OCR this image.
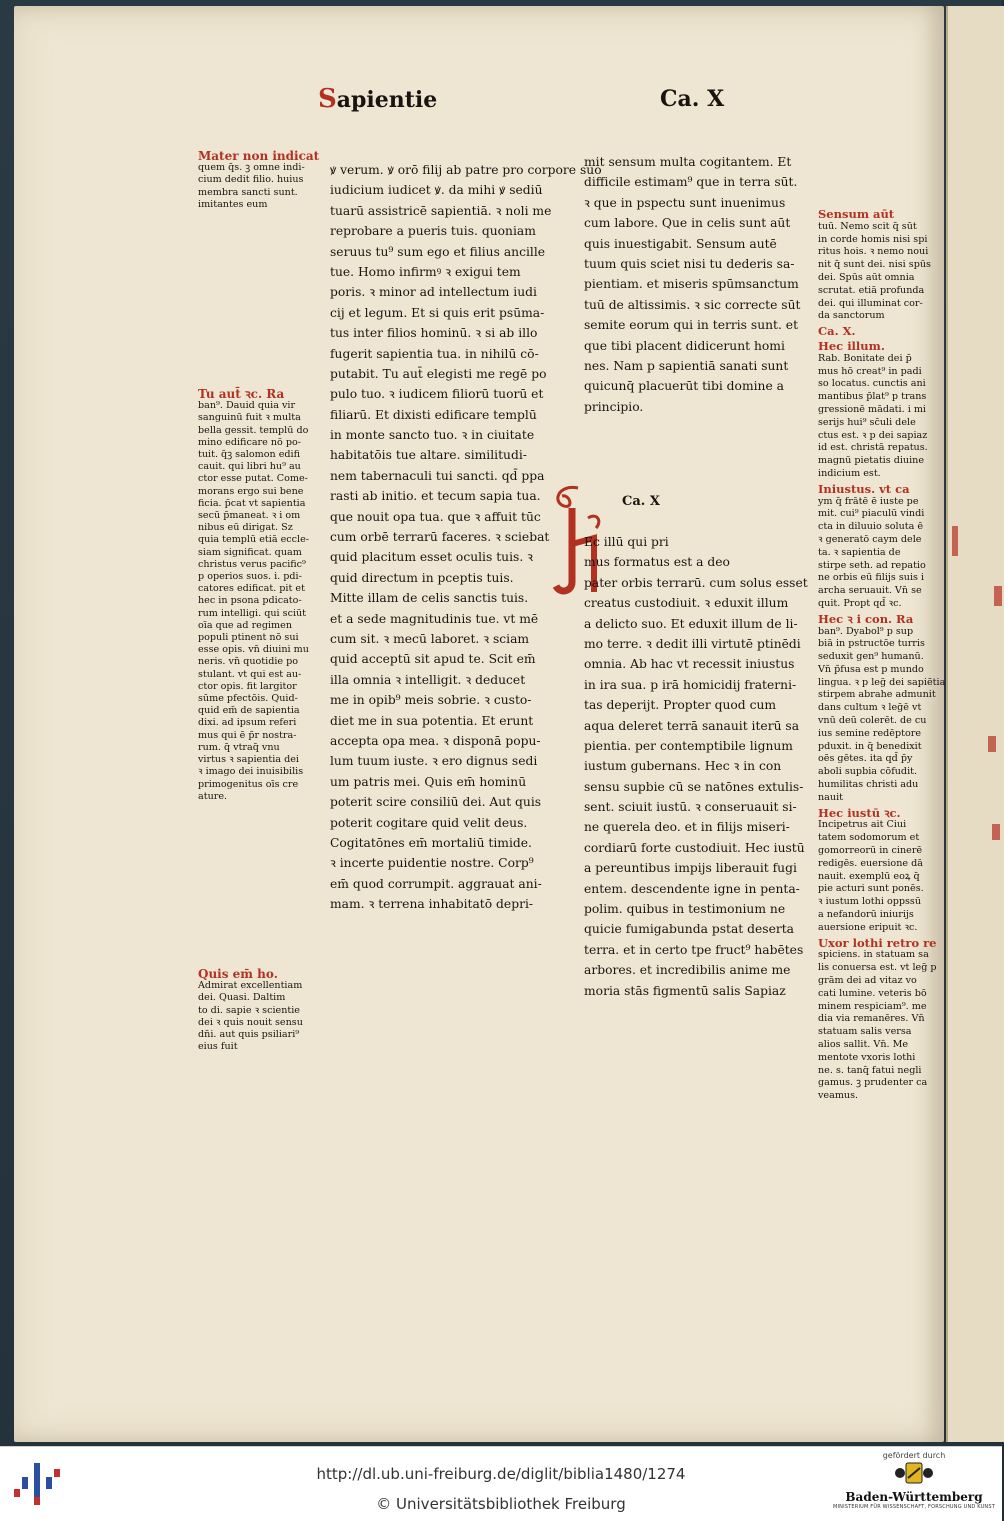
Sapientie	Ca. X
Mater non indicat
quem q̄s. ꝫ omne indi-
cium dedit filio. huius
membra sancti sunt.
imitantes eum
Tu aut̄ ꝛc. Ra
ban⁹. Dauid quia vir
sanguinū fuit ꝛ multa
bella gessit. templū do
mino edificare nō po-
tuit. q̄ꝫ salomon edifi
cauit. qui libri hu⁹ au
ctor esse putat. Come-
morans ergo sui bene
ficia. p̄cat vt sapientia
secū p̄maneat. ꝛ i om
nibus eū dirigat. Sz
quia templū etiā eccle-
siam significat. quam
christus verus pacific⁹
p operios suos. i. pdi-
catores edificat. pit et
hec in psona pdicato-
rum intelligi. qui sciūt
oīa que ad regimen
populi ptinent nō sui
esse opis. vn̄ diuini mu
neris. vn̄ quotidie po
stulant. vt qui est au-
ctor opis. fit largitor
sūme pfectōis. Quid-
quid em̄ de sapientia
dixi. ad ipsum referi
mus qui ē p̄r nostra-
rum. q̄ vtraq̄ vnu
virtus ꝛ sapientia dei
ꝛ imago dei inuisibilis
primogenitus oīs cre
ature.
Quis em̄ ho.
Admirat excellentiam
dei. Quasi. Daltim
to di. sapie ꝛ scientie
dei ꝛ quis nouit sensu
dn̄i. aut quis psiliari⁹
eius fuit
ꝟ verum. ꝟ orō filij ab patre pro corpore suo
iudicium iudicet ꝟ. da mihi ꝟ sediū
tuarū assistricē sapientiā. ꝛ noli me
reprobare a pueris tuis. quoniam
seruus tu⁹ sum ego et filius ancille
tue. Homo infirmꝰ ꝛ exigui tem
poris. ꝛ minor ad intellectum iudi
cij et legum. Et si quis erit psūma-
tus inter filios hominū. ꝛ si ab illo
fugerit sapientia tua. in nihilū cō-
putabit. Tu aut̄ elegisti me regē po
pulo tuo. ꝛ iudicem filiorū tuorū et
filiarū. Et dixisti edificare templū
in monte sancto tuo. ꝛ in ciuitate
habitatōis tue altare. similitudi-
nem tabernaculi tui sancti. qd̄ ppa
rasti ab initio. et tecum sapia tua.
que nouit opa tua. que ꝛ affuit tūc
cum orbē terrarū faceres. ꝛ sciebat
quid placitum esset oculis tuis. ꝛ
quid directum in pceptis tuis.
Mitte illam de celis sanctis tuis.
et a sede magnitudinis tue. vt mē
cum sit. ꝛ mecū laboret. ꝛ sciam
quid acceptū sit apud te. Scit em̄
illa omnia ꝛ intelligit. ꝛ deducet
me in opib⁹ meis sobrie. ꝛ custo-
diet me in sua potentia. Et erunt
accepta opa mea. ꝛ disponā popu-
lum tuum iuste. ꝛ ero dignus sedi
um patris mei. Quis em̄ hominū
poterit scire consiliū dei. Aut quis
poterit cogitare quid velit deus.
Cogitatōnes em̄ mortaliū timide.
ꝛ incerte puidentie nostre. Corp⁹
em̄ quod corrumpit. aggrauat ani-
mam. ꝛ terrena inhabitatō depri-
mit sensum multa cogitantem. Et
difficile estimam⁹ que in terra sūt.
ꝛ que in pspectu sunt inuenimus
cum labore. Que in celis sunt aūt
quis inuestigabit. Sensum autē
tuum quis sciet nisi tu dederis sa-
pientiam. et miseris spūmsanctum
tuū de altissimis. ꝛ sic correcte sūt
semite eorum qui in terris sunt. et
que tibi placent didicerunt homi
nes. Nam p sapientiā sanati sunt
quicunq̄ placuerūt tibi domine a
principio.
Ca. X
Ec illū qui pri
mus formatus est a deo
pater orbis terrarū. cum solus esset
creatus custodiuit. ꝛ eduxit illum
a delicto suo. Et eduxit illum de li-
mo terre. ꝛ dedit illi virtutē ptinēdi
omnia. Ab hac vt recessit iniustus
in ira sua. p irā homicidij fraterni-
tas deperijt. Propter quod cum
aqua deleret terrā sanauit iterū sa
pientia. per contemptibile lignum
iustum gubernans. Hec ꝛ in con
sensu supbie cū se natōnes extulis-
sent. sciuit iustū. ꝛ conseruauit si-
ne querela deo. et in filijs miseri-
cordiarū forte custodiuit. Hec iustū
a pereuntibus impijs liberauit fugi
entem. descendente igne in penta-
polim. quibus in testimonium ne
quicie fumigabunda pstat deserta
terra. et in certo tpe fruct⁹ habētes
arbores. et incredibilis anime me
moria stās figmentū salis Sapiaz
Sensum aūt
tuū. Nemo scit q̄ sūt
in corde homis nisi spi
ritus hois. ꝛ nemo noui
nit q̄ sunt dei. nisi spūs
dei. Spūs aūt omnia
scrutat. etiā profunda
dei. qui illuminat cor-
da sanctorum
Ca. X.
Hec illum.
Rab. Bonitate dei p̄
mus hō creat⁹ in padi
so locatus. cunctis ani
mantibus p̄lat⁹ p trans
gressionē mādati. i mi
serijs hui⁹ sc̄uli dele
ctus est. ꝛ p dei sapiaz
id est. christā repatus.
magnū pietatis diuine
indicium est.
Iniustus. vt ca
ym q̄ frātē ē iuste pe
mit. cui⁹ piaculū vindi
cta in diluuio soluta ē
ꝛ generatō caym dele
ta. ꝛ sapientia de
stirpe seth. ad repatio
ne orbis eū filijs suis i
archa seruauit. Vn̄ se
quit. Propt qd̄ ꝛc.
Hec ꝛ i con. Ra
ban⁹. Dyabol⁹ p sup
biā in pstructōe turris
seduxit gen⁹ humanū.
Vn̄ p̄fusa est p mundo
lingua. ꝛ p leḡ dei sapiētia
stirpem abrahe admunit
dans cultum ꝛ leḡē vt
vnū deū colerēt. de cu
ius semine redēptore
pduxit. in q̄ benedixit
oēs gētes. ita qd̄ p̄y
aboli supbia cōfudit.
humilitas christi adu
nauit
Hec iustū ꝛc.
Incipetrus ait Ciui
tatem sodomorum et
gomorreorū in cinerē
redigēs. euersione dā
nauit. exemplū eoꝝ q̄
pie acturi sunt ponēs.
ꝛ iustum lothi oppssū
a nefandorū iniurijs
auersione eripuit ꝛc.
Uxor lothi retro re
spiciens. in statuam sa
lis conuersa est. vt leḡ p
grām dei ad vitaz vo
cati lumine. veteris bō
minem respiciam⁹. me
dia via remanēres. Vn̄
statuam salis versa
alios sallit. Vn̄. Me
mentote vxoris lothi
ne. s. tanq̄ fatui negli
gamus. ꝫ prudenter ca
veamus.
http://dl.ub.uni-freiburg.de/diglit/biblia1480/1274
© Universitätsbibliothek Freiburg
gefördert durch
Baden-Württemberg
MINISTERIUM FÜR WISSENSCHAFT, FORSCHUNG UND KUNST
